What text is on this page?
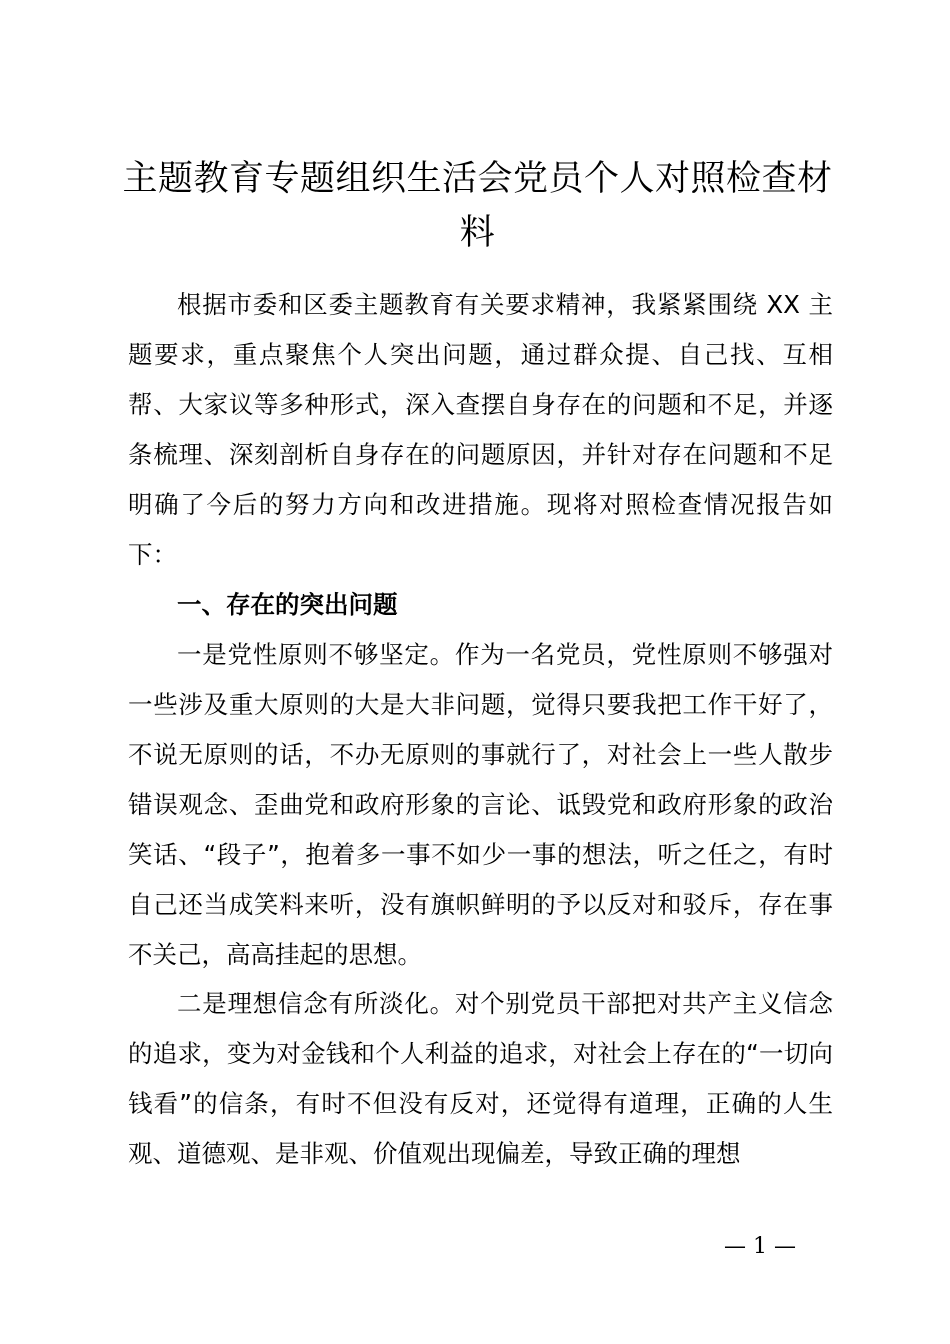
主题教育专题组织生活会党员个人对照检查材料

根据市委和区委主题教育有关要求精神，我紧紧围绕 XX 主题要求，重点聚焦个人突出问题，通过群众提、自己找、互相帮、大家议等多种形式，深入查摆自身存在的问题和不足，并逐条梳理、深刻剖析自身存在的问题原因，并针对存在问题和不足明确了今后的努力方向和改进措施。现将对照检查情况报告如下：

一、存在的突出问题

一是党性原则不够坚定。作为一名党员，党性原则不够强对一些涉及重大原则的大是大非问题，觉得只要我把工作干好了，不说无原则的话，不办无原则的事就行了，对社会上一些人散步错误观念、歪曲党和政府形象的言论、诋毁党和政府形象的政治笑话、“段子”，抱着多一事不如少一事的想法，听之任之，有时自己还当成笑料来听，没有旗帜鲜明的予以反对和驳斥，存在事不关己，高高挂起的思想。

二是理想信念有所淡化。对个别党员干部把对共产主义信念的追求，变为对金钱和个人利益的追求，对社会上存在的“一切向钱看”的信条，有时不但没有反对，还觉得有道理，正确的人生观、道德观、是非观、价值观出现偏差，导致正确的理想

— 1 —
